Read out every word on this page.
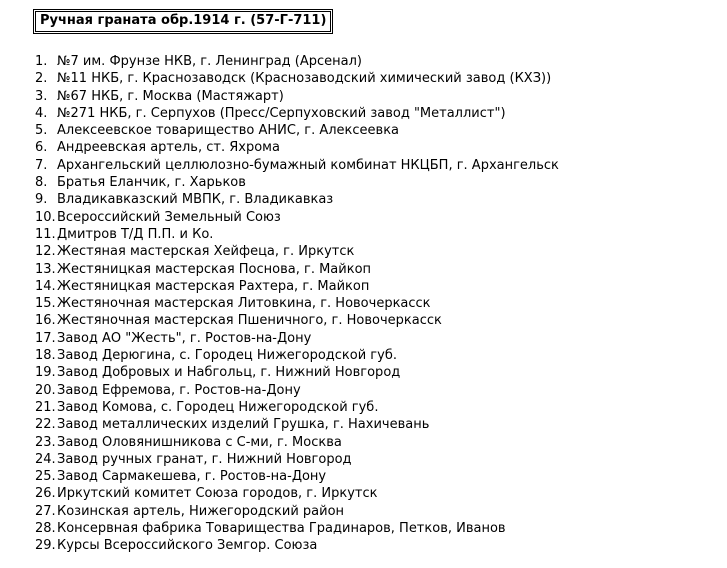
Ручная граната обр.1914 г. (57-Г-711)
1. №7 им. Фрунзе НКВ, г. Ленинград (Арсенал)
2. №11 НКБ, г. Краснозаводск (Краснозаводский химический завод (КХЗ))
3. №67 НКБ, г. Москва (Мастяжарт)
4. №271 НКБ, г. Серпухов (Пресс/Серпуховский завод "Металлист")
5. Алексеевское товарищество АНИС, г. Алексеевка
6. Андреевская артель, ст. Яхрома
7. Архангельский целлюлозно-бумажный комбинат НКЦБП, г. Архангельск
8. Братья Еланчик, г. Харьков
9. Владикавказский МВПК, г. Владикавказ
10. Всероссийский Земельный Союз
11. Дмитров Т/Д П.П. и Ко.
12. Жестяная мастерская Хейфеца, г. Иркутск
13. Жестяницкая мастерская Поснова, г. Майкоп
14. Жестяницкая мастерская Рахтера, г. Майкоп
15. Жестяночная мастерская Литовкина, г. Новочеркасск
16. Жестяночная мастерская Пшеничного, г. Новочеркасск
17. Завод АО "Жесть", г. Ростов-на-Дону
18. Завод Дерюгина, с. Городец Нижегородской губ.
19. Завод Добровых и Набгольц, г. Нижний Новгород
20. Завод Ефремова, г. Ростов-на-Дону
21. Завод Комова, с. Городец Нижегородской губ.
22. Завод металлических изделий Грушка, г. Нахичевань
23. Завод Оловянишникова с С-ми, г. Москва
24. Завод ручных гранат, г. Нижний Новгород
25. Завод Сармакешева, г. Ростов-на-Дону
26. Иркутский комитет Союза городов, г. Иркутск
27. Козинская артель, Нижегородский район
28. Консервная фабрика Товарищества Градинаров, Петков, Иванов
29. Курсы Всероссийского Земгор. Союза
